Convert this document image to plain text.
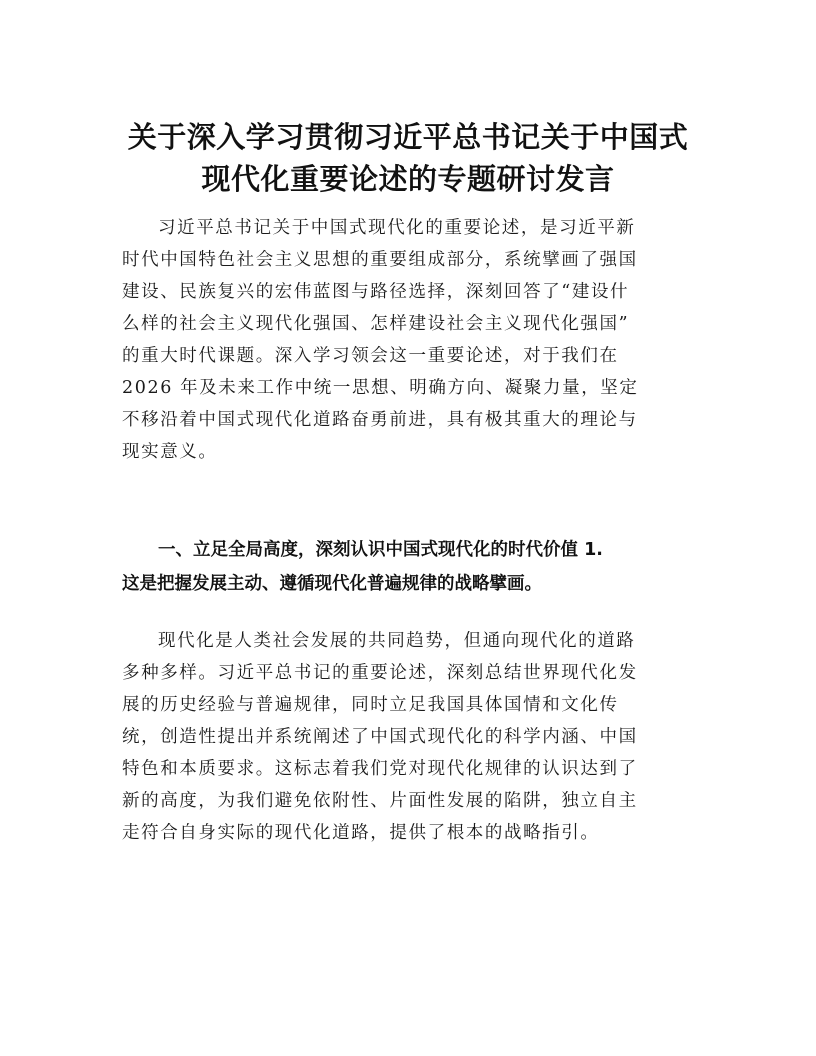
关于深入学习贯彻习近平总书记关于中国式
现代化重要论述的专题研讨发言
习近平总书记关于中国式现代化的重要论述，是习近平新
时代中国特色社会主义思想的重要组成部分，系统擘画了强国
建设、民族复兴的宏伟蓝图与路径选择，深刻回答了“建设什
么样的社会主义现代化强国、怎样建设社会主义现代化强国”
的重大时代课题。深入学习领会这一重要论述，对于我们在
2026 年及未来工作中统一思想、明确方向、凝聚力量，坚定
不移沿着中国式现代化道路奋勇前进，具有极其重大的理论与
现实意义。
一、立足全局高度，深刻认识中国式现代化的时代价值 1.
这是把握发展主动、遵循现代化普遍规律的战略擘画。
现代化是人类社会发展的共同趋势，但通向现代化的道路
多种多样。习近平总书记的重要论述，深刻总结世界现代化发
展的历史经验与普遍规律，同时立足我国具体国情和文化传
统，创造性提出并系统阐述了中国式现代化的科学内涵、中国
特色和本质要求。这标志着我们党对现代化规律的认识达到了
新的高度，为我们避免依附性、片面性发展的陷阱，独立自主
走符合自身实际的现代化道路，提供了根本的战略指引。
